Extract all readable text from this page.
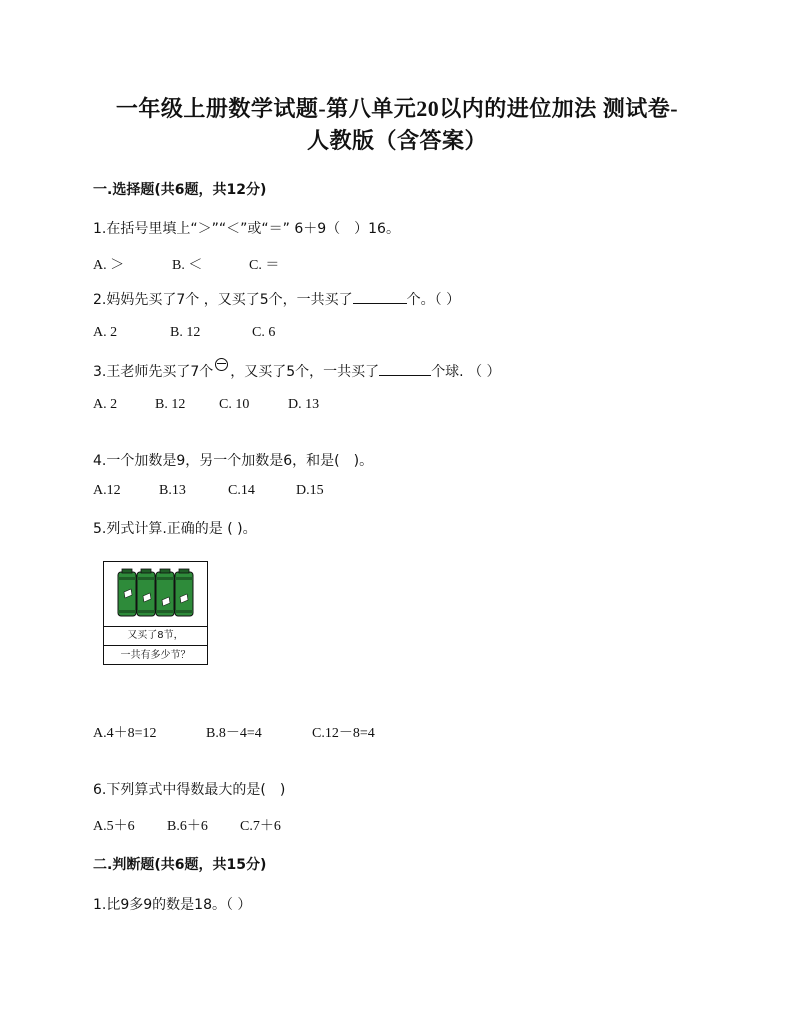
一年级上册数学试题-第八单元20以内的进位加法 测试卷-
人教版（含答案）
一.选择题(共6题，共12分)
1.在括号里填上“＞”“＜”或“＝” 6＋9（　）16。
A. ＞	B. ＜	C. ＝
2.妈妈先买了7个 ，又买了5个，一共买了	个。（ ）
A. 2	B. 12	C. 6
3.王老师先买了7个 ，又买了5个，一共买了	个球. （ ）
A. 2	B. 12 C. 10	D. 13
4.一个加数是9，另一个加数是6，和是(　)。
A.12	B.13	C.14	D.15
5.列式计算.正确的是 ( )。
又买了8节，
一共有多少节？
A.4＋8=12	B.8－4=4	C.12－8=4
6.下列算式中得数最大的是(　)
A.5＋6 B.6＋6 C.7＋6
二.判断题(共6题，共15分)
1.比9多9的数是18。（ ）
